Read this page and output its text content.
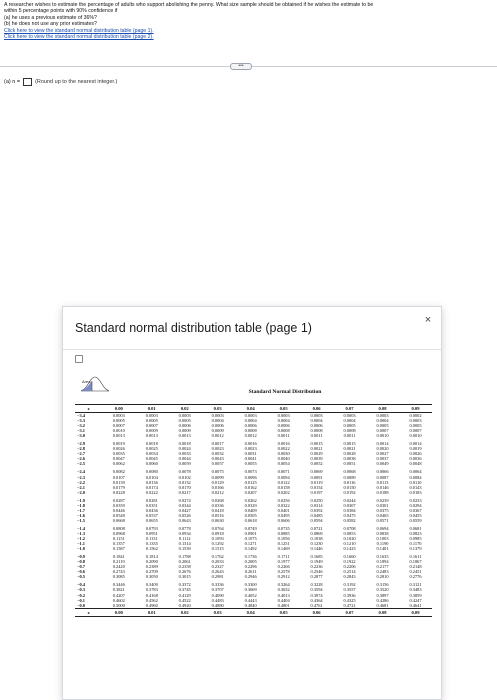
A researcher wishes to estimate the percentage of adults who support abolishing the penny. What size sample should be obtained if he wishes the estimate to be
within 5 percentage points with 90% confidence if
(a) he uses a previous estimate of 36%?
(b) he does not use any prior estimates?
Click here to view the standard normal distribution table (page 1).
Click here to view the standard normal distribution table (page 2).
•••
(a) n =	(Round up to the nearest integer.)
Standard normal distribution table (page 1)
×
Area
Standard Normal Distribution
z	0.00	0.01	0.02	0.03	0.04	0.05	0.06	0.07	0.08	0.09
−3.4	0.0003	0.0003	0.0003	0.0003	0.0003	0.0003	0.0003	0.0003	0.0003	0.0002
−3.3	0.0005	0.0005	0.0005	0.0004	0.0004	0.0004	0.0004	0.0004	0.0004	0.0003
−3.2	0.0007	0.0007	0.0006	0.0006	0.0006	0.0006	0.0006	0.0005	0.0005	0.0005
−3.1	0.0010	0.0009	0.0009	0.0009	0.0008	0.0008	0.0008	0.0008	0.0007	0.0007
−3.0	0.0013	0.0013	0.0013	0.0012	0.0012	0.0011	0.0011	0.0011	0.0010	0.0010
−2.9	0.0019	0.0018	0.0018	0.0017	0.0016	0.0016	0.0015	0.0015	0.0014	0.0014
−2.8	0.0026	0.0025	0.0024	0.0023	0.0023	0.0022	0.0021	0.0021	0.0020	0.0019
−2.7	0.0035	0.0034	0.0033	0.0032	0.0031	0.0030	0.0029	0.0028	0.0027	0.0026
−2.6	0.0047	0.0045	0.0044	0.0043	0.0041	0.0040	0.0039	0.0038	0.0037	0.0036
−2.5	0.0062	0.0060	0.0059	0.0057	0.0055	0.0054	0.0052	0.0051	0.0049	0.0048
−2.4	0.0082	0.0080	0.0078	0.0075	0.0073	0.0071	0.0069	0.0068	0.0066	0.0064
−2.3	0.0107	0.0104	0.0102	0.0099	0.0096	0.0094	0.0091	0.0089	0.0087	0.0084
−2.2	0.0139	0.0136	0.0132	0.0129	0.0125	0.0122	0.0119	0.0116	0.0113	0.0110
−2.1	0.0179	0.0174	0.0170	0.0166	0.0162	0.0158	0.0154	0.0150	0.0146	0.0143
−2.0	0.0228	0.0222	0.0217	0.0212	0.0207	0.0202	0.0197	0.0192	0.0188	0.0183
−1.9	0.0287	0.0281	0.0274	0.0268	0.0262	0.0256	0.0250	0.0244	0.0239	0.0233
−1.8	0.0359	0.0351	0.0344	0.0336	0.0329	0.0322	0.0314	0.0307	0.0301	0.0294
−1.7	0.0446	0.0436	0.0427	0.0418	0.0409	0.0401	0.0392	0.0384	0.0375	0.0367
−1.6	0.0548	0.0537	0.0526	0.0516	0.0505	0.0495	0.0485	0.0475	0.0465	0.0455
−1.5	0.0668	0.0655	0.0643	0.0630	0.0618	0.0606	0.0594	0.0582	0.0571	0.0559
−1.4	0.0808	0.0793	0.0778	0.0764	0.0749	0.0735	0.0721	0.0708	0.0694	0.0681
−1.3	0.0968	0.0951	0.0934	0.0918	0.0901	0.0885	0.0869	0.0853	0.0838	0.0823
−1.2	0.1151	0.1131	0.1112	0.1093	0.1075	0.1056	0.1038	0.1020	0.1003	0.0985
−1.1	0.1357	0.1335	0.1314	0.1292	0.1271	0.1251	0.1230	0.1210	0.1190	0.1170
−1.0	0.1587	0.1562	0.1539	0.1515	0.1492	0.1469	0.1446	0.1423	0.1401	0.1379
−0.9	0.1841	0.1814	0.1788	0.1762	0.1736	0.1711	0.1685	0.1660	0.1635	0.1611
−0.8	0.2119	0.2090	0.2061	0.2033	0.2005	0.1977	0.1949	0.1922	0.1894	0.1867
−0.7	0.2420	0.2389	0.2358	0.2327	0.2296	0.2266	0.2236	0.2206	0.2177	0.2148
−0.6	0.2743	0.2709	0.2676	0.2643	0.2611	0.2578	0.2546	0.2514	0.2483	0.2451
−0.5	0.3085	0.3050	0.3015	0.2981	0.2946	0.2912	0.2877	0.2843	0.2810	0.2776
−0.4	0.3446	0.3409	0.3372	0.3336	0.3300	0.3264	0.3228	0.3192	0.3156	0.3121
−0.3	0.3821	0.3783	0.3745	0.3707	0.3669	0.3632	0.3594	0.3557	0.3520	0.3483
−0.2	0.4207	0.4168	0.4129	0.4090	0.4052	0.4013	0.3974	0.3936	0.3897	0.3859
−0.1	0.4602	0.4562	0.4522	0.4483	0.4443	0.4404	0.4364	0.4325	0.4286	0.4247
−0.0	0.5000	0.4960	0.4920	0.4880	0.4840	0.4801	0.4761	0.4721	0.4681	0.4641
z	0.00	0.01	0.02	0.03	0.04	0.05	0.06	0.07	0.08	0.09
